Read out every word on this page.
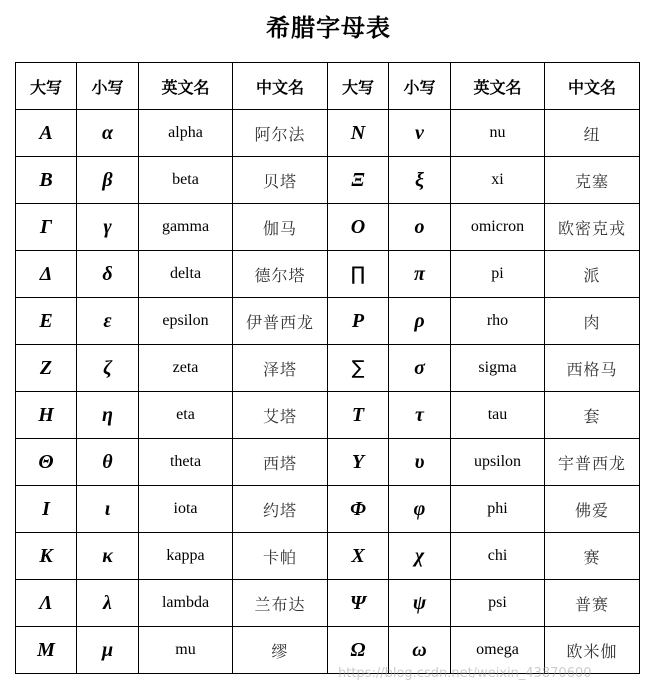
希腊字母表
大写	小写	英文名	中文名	大写	小写	英文名	中文名
A	α	alpha	阿尔法	N	ν	nu	纽
B	β	beta	贝塔	Ξ	ξ	xi	克塞
Γ	γ	gamma	伽马	O	o	omicron	欧密克戎
Δ	δ	delta	德尔塔	∏	π	pi	派
E	ε	epsilon	伊普西龙	P	ρ	rho	肉
Z	ζ	zeta	泽塔	∑	σ	sigma	西格马
H	η	eta	艾塔	T	τ	tau	套
Θ	θ	theta	西塔	Υ	υ	upsilon	宇普西龙
I	ι	iota	约塔	Φ	φ	phi	佛爱
K	κ	kappa	卡帕	X	χ	chi	赛
Λ	λ	lambda	兰布达	Ψ	ψ	psi	普赛
M	μ	mu	缪	Ω	ω	omega	欧米伽
https://blog.csdn.net/weixin_43870600
